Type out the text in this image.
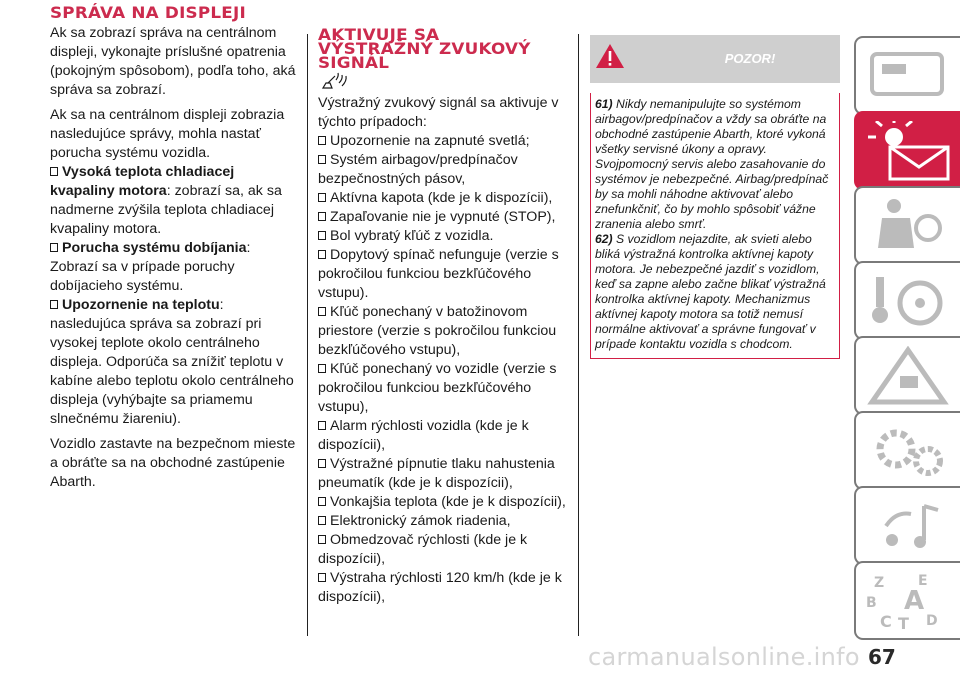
SPRÁVA NA DISPLEJI

Ak sa zobrazí správa na centrálnom displeji, vykonajte príslušné opatrenia (pokojným spôsobom), podľa toho, aká správa sa zobrazí.

Ak sa na centrálnom displeji zobrazia nasledujúce správy, mohla nastať porucha systému vozidla.

Vysoká teplota chladiacej kvapaliny motora: zobrazí sa, ak sa nadmerne zvýšila teplota chladiacej kvapaliny motora.

Porucha systému dobíjania: Zobrazí sa v prípade poruchy dobíjacieho systému.

Upozornenie na teplotu: nasledujúca správa sa zobrazí pri vysokej teplote okolo centrálneho displeja. Odporúča sa znížiť teplotu v kabíne alebo teplotu okolo centrálneho displeja (vyhýbajte sa priamemu slnečnému žiareniu).

Vozidlo zastavte na bezpečnom mieste a obráťte sa na obchodné zastúpenie Abarth.

AKTIVUJE SA
VÝSTRAŽNÝ ZVUKOVÝ
SIGNÁL

Výstražný zvukový signál sa aktivuje v týchto prípadoch:

Upozornenie na zapnuté svetlá;

Systém airbagov/predpínačov bezpečnostných pásov,

Aktívna kapota (kde je k dispozícii),

Zapaľovanie nie je vypnuté (STOP),

Bol vybratý kľúč z vozidla.

Dopytový spínač nefunguje (verzie s pokročilou funkciou bezkľúčového vstupu).

Kľúč ponechaný v batožinovom priestore (verzie s pokročilou funkciou bezkľúčového vstupu),

Kľúč ponechaný vo vozidle (verzie s pokročilou funkciou bezkľúčového vstupu),

Alarm rýchlosti vozidla (kde je k dispozícii),

Výstražné pípnutie tlaku nahustenia pneumatík (kde je k dispozícii),

Vonkajšia teplota (kde je k dispozícii),

Elektronický zámok riadenia,

Obmedzovač rýchlosti (kde je k dispozícii),

Výstraha rýchlosti 120 km/h (kde je k dispozícii),

POZOR!

61) Nikdy nemanipulujte so systémom airbagov/predpínačov a vždy sa obráťte na obchodné zastúpenie Abarth, ktoré vykoná všetky servisné úkony a opravy. Svojpomocný servis alebo zasahovanie do systémov je nebezpečné. Airbag/predpínač by sa mohli náhodne aktivovať alebo znefunkčniť, čo by mohlo spôsobiť vážne zranenia alebo smrť.

62) S vozidlom nejazdite, ak svieti alebo bliká výstražná kontrolka aktívnej kapoty motora. Je nebezpečné jazdiť s vozidlom, keď sa zapne alebo začne blikať výstražná kontrolka aktívnej kapoty. Mechanizmus aktívnej kapoty motora sa totiž nemusí normálne aktivovať a správne fungovať v prípade kontaktu vozidla s chodcom.

Z E
B A
C T D
67
carmanualsonline.info
